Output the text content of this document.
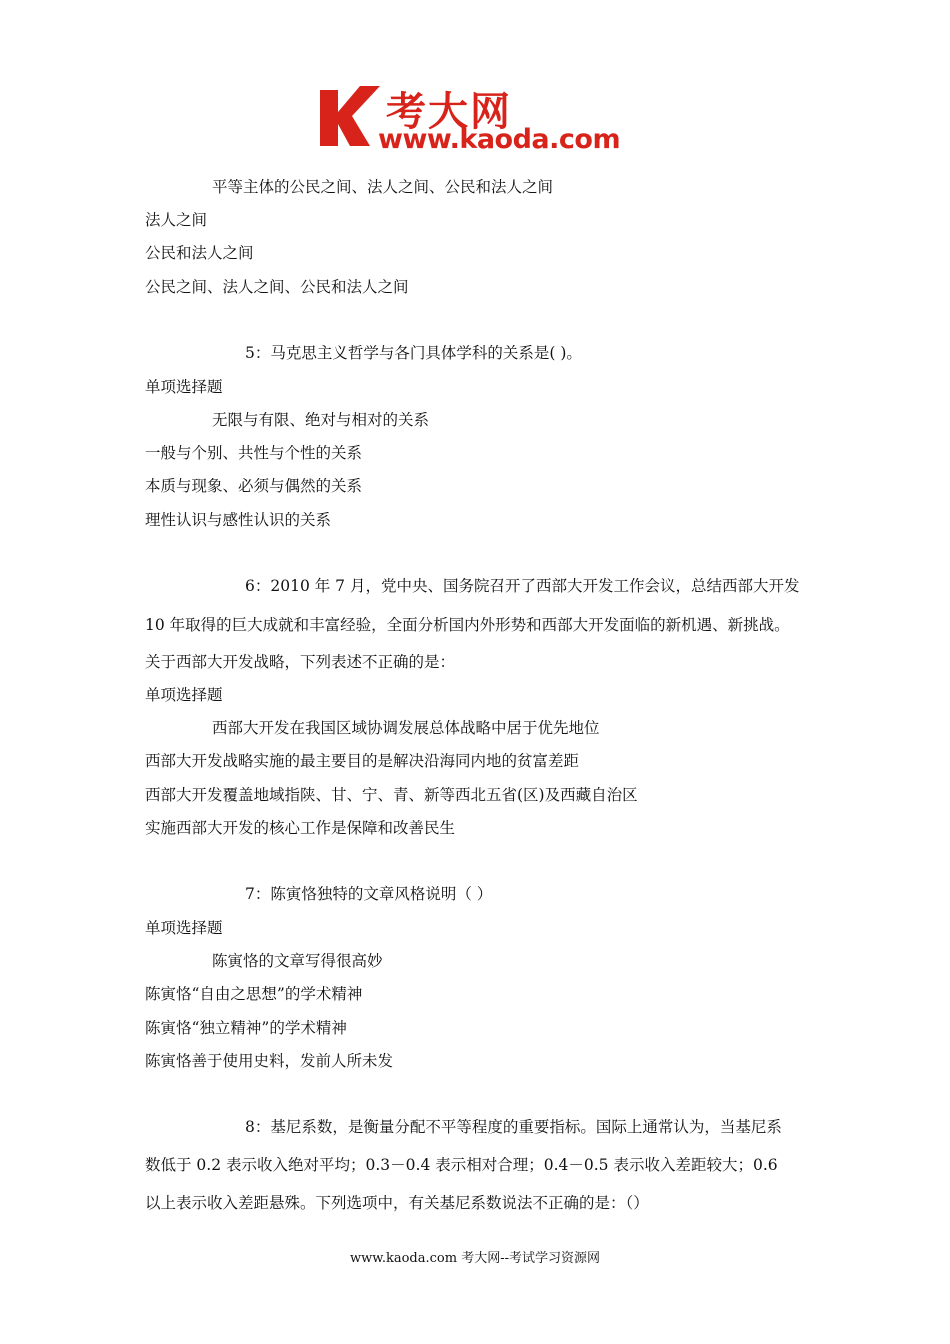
考大网
www.kaoda.com
平等主体的公民之间、法人之间、公民和法人之间
法人之间
公民和法人之间
公民之间、法人之间、公民和法人之间
5：马克思主义哲学与各门具体学科的关系是( )。
单项选择题
无限与有限、绝对与相对的关系
一般与个别、共性与个性的关系
本质与现象、必须与偶然的关系
理性认识与感性认识的关系
6：2010 年 7 月，党中央、国务院召开了西部大开发工作会议，总结西部大开发
10 年取得的巨大成就和丰富经验，全面分析国内外形势和西部大开发面临的新机遇、新挑战。
关于西部大开发战略，下列表述不正确的是：
单项选择题
西部大开发在我国区域协调发展总体战略中居于优先地位
西部大开发战略实施的最主要目的是解决沿海同内地的贫富差距
西部大开发覆盖地域指陕、甘、宁、青、新等西北五省(区)及西藏自治区
实施西部大开发的核心工作是保障和改善民生
7：陈寅恪独特的文章风格说明（ ）
单项选择题
陈寅恪的文章写得很高妙
陈寅恪“自由之思想”的学术精神
陈寅恪“独立精神”的学术精神
陈寅恪善于使用史料，发前人所未发
8：基尼系数，是衡量分配不平等程度的重要指标。国际上通常认为，当基尼系
数低于 0.2 表示收入绝对平均；0.3－0.4 表示相对合理；0.4－0.5 表示收入差距较大；0.6
以上表示收入差距悬殊。下列选项中，有关基尼系数说法不正确的是：（）
www.kaoda.com 考大网--考试学习资源网
